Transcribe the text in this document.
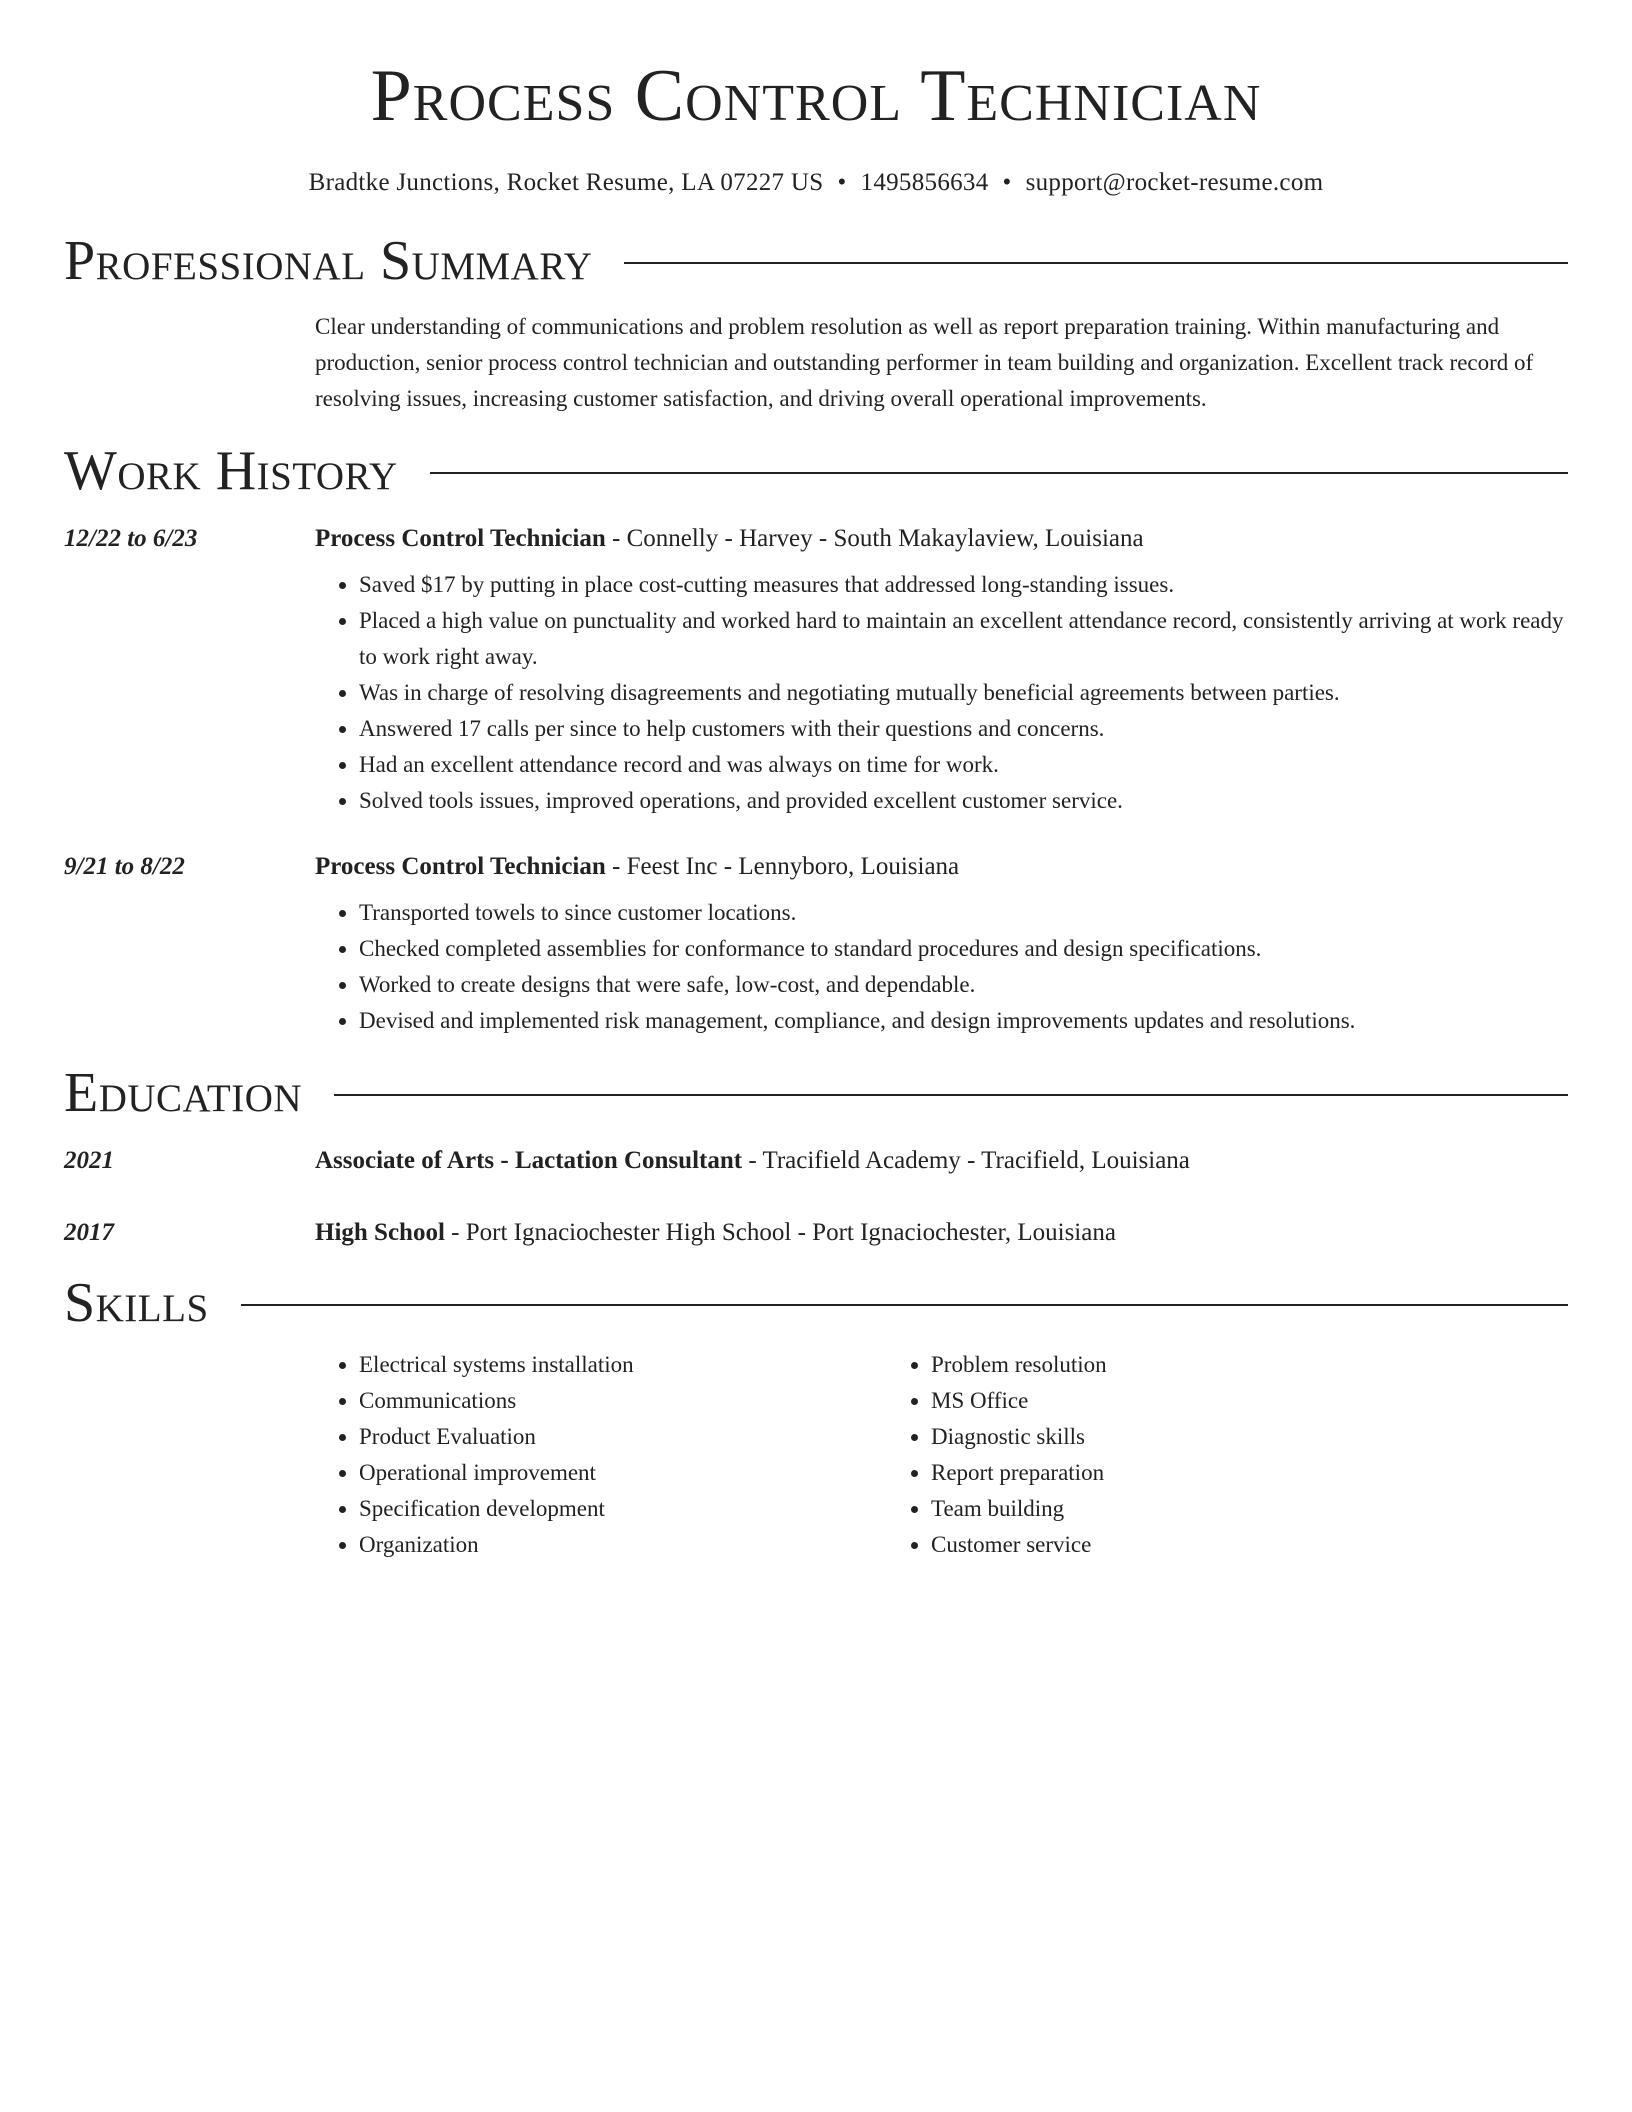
Process Control Technician
Bradtke Junctions, Rocket Resume, LA 07227 US • 1495856634 • support@rocket-resume.com
Professional Summary
Clear understanding of communications and problem resolution as well as report preparation training. Within manufacturing and production, senior process control technician and outstanding performer in team building and organization. Excellent track record of resolving issues, increasing customer satisfaction, and driving overall operational improvements.
Work History
12/22 to 6/23	Process Control Technician - Connelly - Harvey - South Makaylaview, Louisiana
• Saved $17 by putting in place cost-cutting measures that addressed long-standing issues.
• Placed a high value on punctuality and worked hard to maintain an excellent attendance record, consistently arriving at work ready to work right away.
• Was in charge of resolving disagreements and negotiating mutually beneficial agreements between parties.
• Answered 17 calls per since to help customers with their questions and concerns.
• Had an excellent attendance record and was always on time for work.
• Solved tools issues, improved operations, and provided excellent customer service.
9/21 to 8/22	Process Control Technician - Feest Inc - Lennyboro, Louisiana
• Transported towels to since customer locations.
• Checked completed assemblies for conformance to standard procedures and design specifications.
• Worked to create designs that were safe, low-cost, and dependable.
• Devised and implemented risk management, compliance, and design improvements updates and resolutions.
Education
2021	Associate of Arts - Lactation Consultant - Tracifield Academy - Tracifield, Louisiana
2017	High School - Port Ignaciochester High School - Port Ignaciochester, Louisiana
Skills
• Electrical systems installation
• Communications
• Product Evaluation
• Operational improvement
• Specification development
• Organization
• Problem resolution
• MS Office
• Diagnostic skills
• Report preparation
• Team building
• Customer service
